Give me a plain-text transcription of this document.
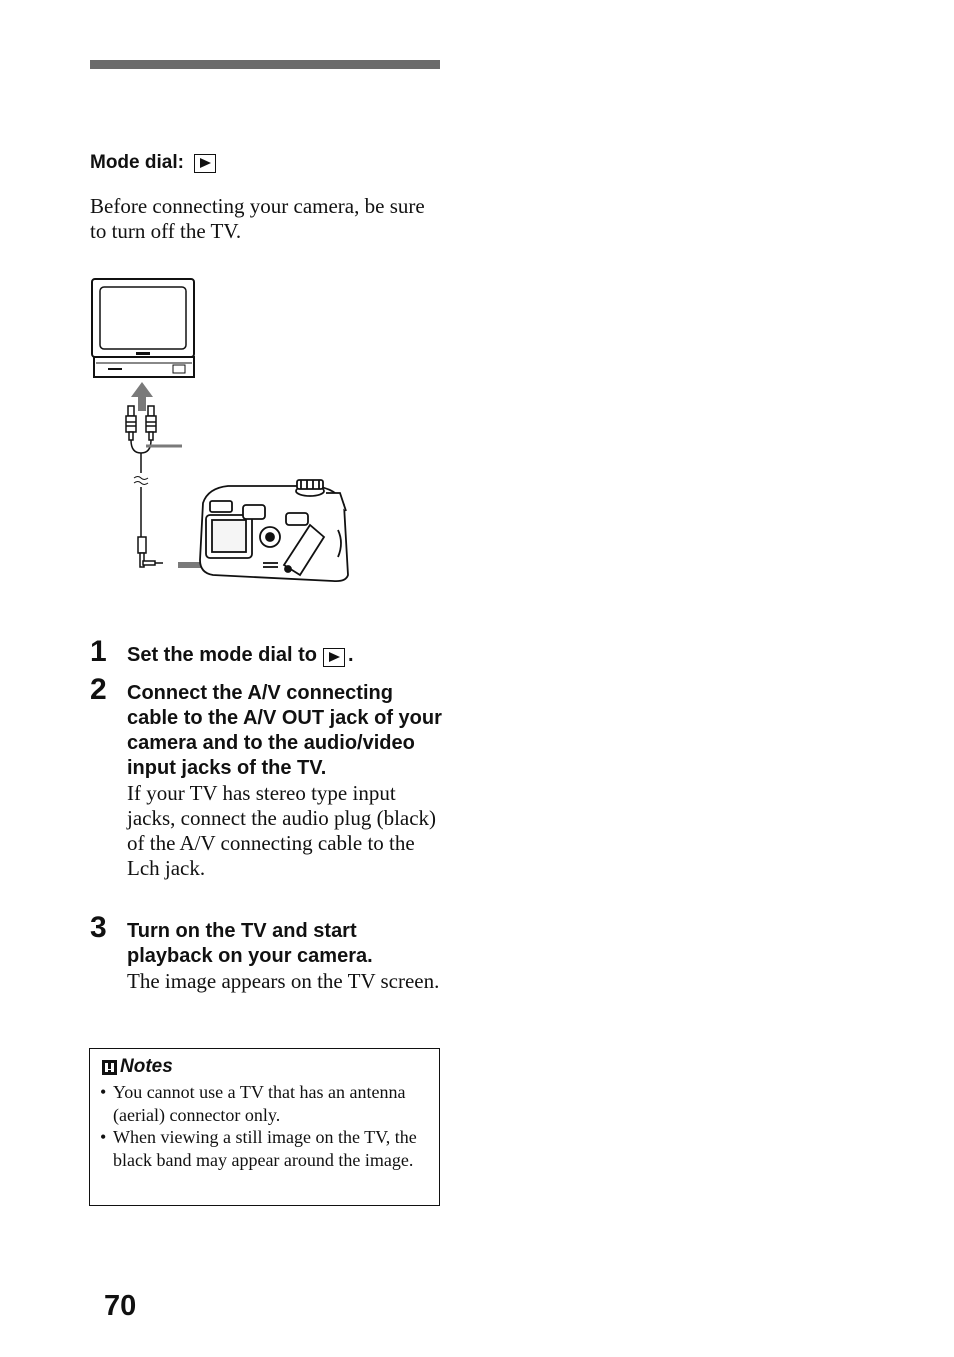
Mode dial:
Before connecting your camera, be sure to turn off the TV.
1 Set the mode dial to .
2 Connect the A/V connecting cable to the A/V OUT jack of your camera and to the audio/video input jacks of the TV.
If your TV has stereo type input jacks, connect the audio plug (black) of the A/V connecting cable to the Lch jack.
3 Turn on the TV and start playback on your camera.
The image appears on the TV screen.
Notes
• You cannot use a TV that has an antenna (aerial) connector only.
• When viewing a still image on the TV, the black band may appear around the image.
70
